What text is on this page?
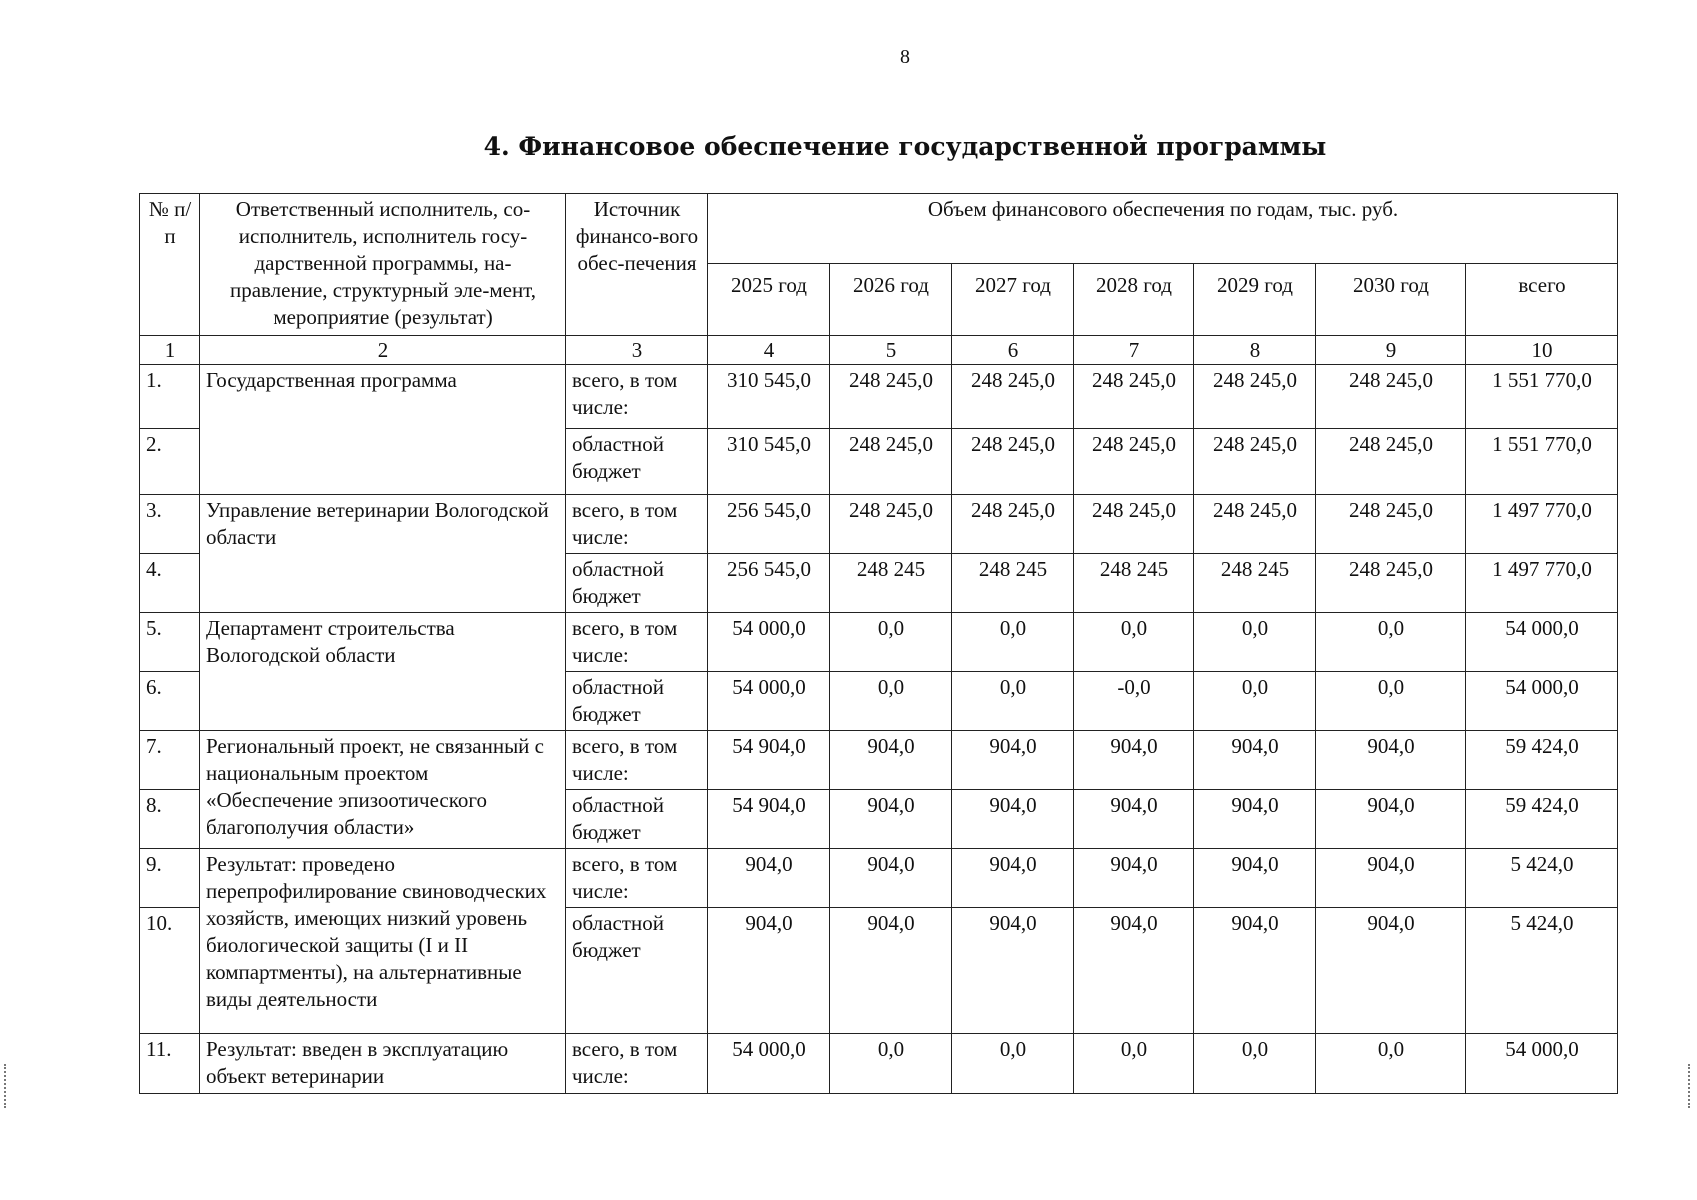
8
4. Финансовое обеспечение государственной программы
№ п/п	Ответственный исполнитель, со-исполнитель, исполнитель госу-дарственной программы, на-правление, структурный эле-мент, мероприятие (результат)	Источник финансо-вого обес-печения	Объем финансового обеспечения по годам, тыс. руб.						
			2025 год	2026 год	2027 год	2028 год	2029 год	2030 год	всего
1	2	3	4	5	6	7	8	9	10
1.	Государственная программа	всего, в том числе:	310 545,0	248 245,0	248 245,0	248 245,0	248 245,0	248 245,0	1 551 770,0
2.		областной бюджет	310 545,0	248 245,0	248 245,0	248 245,0	248 245,0	248 245,0	1 551 770,0
3.	Управление ветеринарии Вологодской области	всего, в том числе:	256 545,0	248 245,0	248 245,0	248 245,0	248 245,0	248 245,0	1 497 770,0
4.		областной бюджет	256 545,0	248 245	248 245	248 245	248 245	248 245,0	1 497 770,0
5.	Департамент строительства Вологодской области	всего, в том числе:	54 000,0	0,0	0,0	0,0	0,0	0,0	54 000,0
6.		областной бюджет	54 000,0	0,0	0,0	-0,0	0,0	0,0	54 000,0
7.	Региональный проект, не связанный с национальным проектом «Обеспечение эпизоотического благополучия области»	всего, в том числе:	54 904,0	904,0	904,0	904,0	904,0	904,0	59 424,0
8.		областной бюджет	54 904,0	904,0	904,0	904,0	904,0	904,0	59 424,0
9.	Результат: проведено перепрофилирование свиноводческих хозяйств, имеющих низкий уровень биологической защиты (I и II компартменты), на альтернативные виды деятельности	всего, в том числе:	904,0	904,0	904,0	904,0	904,0	904,0	5 424,0
10.		областной бюджет	904,0	904,0	904,0	904,0	904,0	904,0	5 424,0
11.	Результат: введен в эксплуатацию объект ветеринарии	всего, в том числе:	54 000,0	0,0	0,0	0,0	0,0	0,0	54 000,0
